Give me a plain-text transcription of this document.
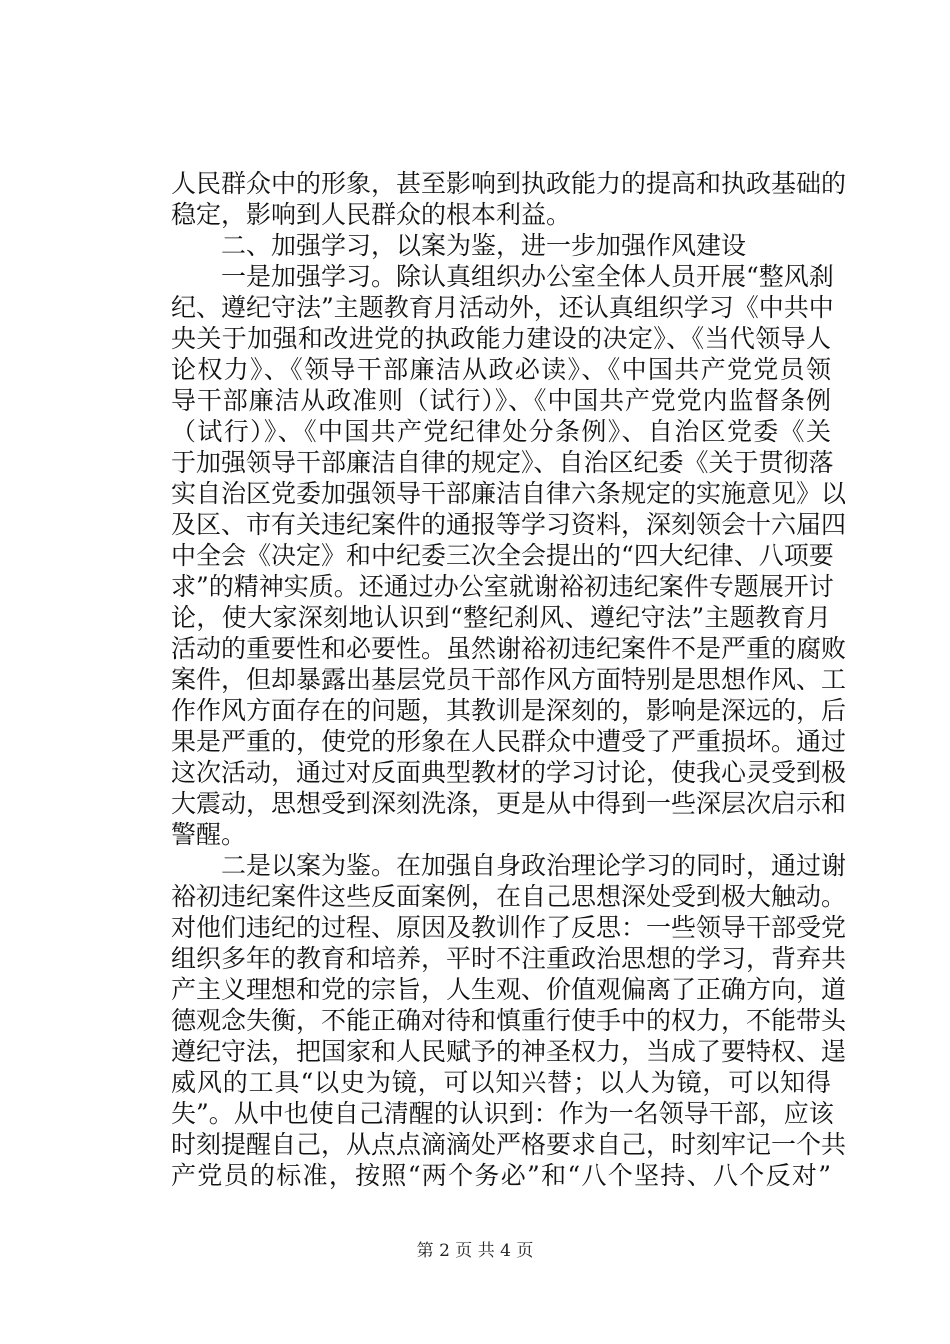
人民群众中的形象，甚至影响到执政能力的提高和执政基础的
稳定，影响到人民群众的根本利益。
二、加强学习，以案为鉴，进一步加强作风建设
一是加强学习。除认真组织办公室全体人员开展“整风刹
纪、遵纪守法”主题教育月活动外，还认真组织学习《中共中
央关于加强和改进党的执政能力建设的决定》、《当代领导人
论权力》、《领导干部廉洁从政必读》、《中国共产党党员领
导干部廉洁从政准则（试行）》、《中国共产党党内监督条例
（试行）》、《中国共产党纪律处分条例》、自治区党委《关
于加强领导干部廉洁自律的规定》、自治区纪委《关于贯彻落
实自治区党委加强领导干部廉洁自律六条规定的实施意见》以
及区、市有关违纪案件的通报等学习资料，深刻领会十六届四
中全会《决定》和中纪委三次全会提出的“四大纪律、八项要
求”的精神实质。还通过办公室就谢裕初违纪案件专题展开讨
论，使大家深刻地认识到“整纪刹风、遵纪守法”主题教育月
活动的重要性和必要性。虽然谢裕初违纪案件不是严重的腐败
案件，但却暴露出基层党员干部作风方面特别是思想作风、工
作作风方面存在的问题，其教训是深刻的，影响是深远的，后
果是严重的，使党的形象在人民群众中遭受了严重损坏。通过
这次活动，通过对反面典型教材的学习讨论，使我心灵受到极
大震动，思想受到深刻洗涤，更是从中得到一些深层次启示和
警醒。
二是以案为鉴。在加强自身政治理论学习的同时，通过谢
裕初违纪案件这些反面案例，在自己思想深处受到极大触动。
对他们违纪的过程、原因及教训作了反思：一些领导干部受党
组织多年的教育和培养，平时不注重政治思想的学习，背弃共
产主义理想和党的宗旨，人生观、价值观偏离了正确方向，道
德观念失衡，不能正确对待和慎重行使手中的权力，不能带头
遵纪守法，把国家和人民赋予的神圣权力，当成了要特权、逞
威风的工具“以史为镜，可以知兴替；以人为镜，可以知得
失”。从中也使自己清醒的认识到：作为一名领导干部，应该
时刻提醒自己，从点点滴滴处严格要求自己，时刻牢记一个共
产党员的标准，按照“两个务必”和“八个坚持、八个反对”
第 2 页 共 4 页
